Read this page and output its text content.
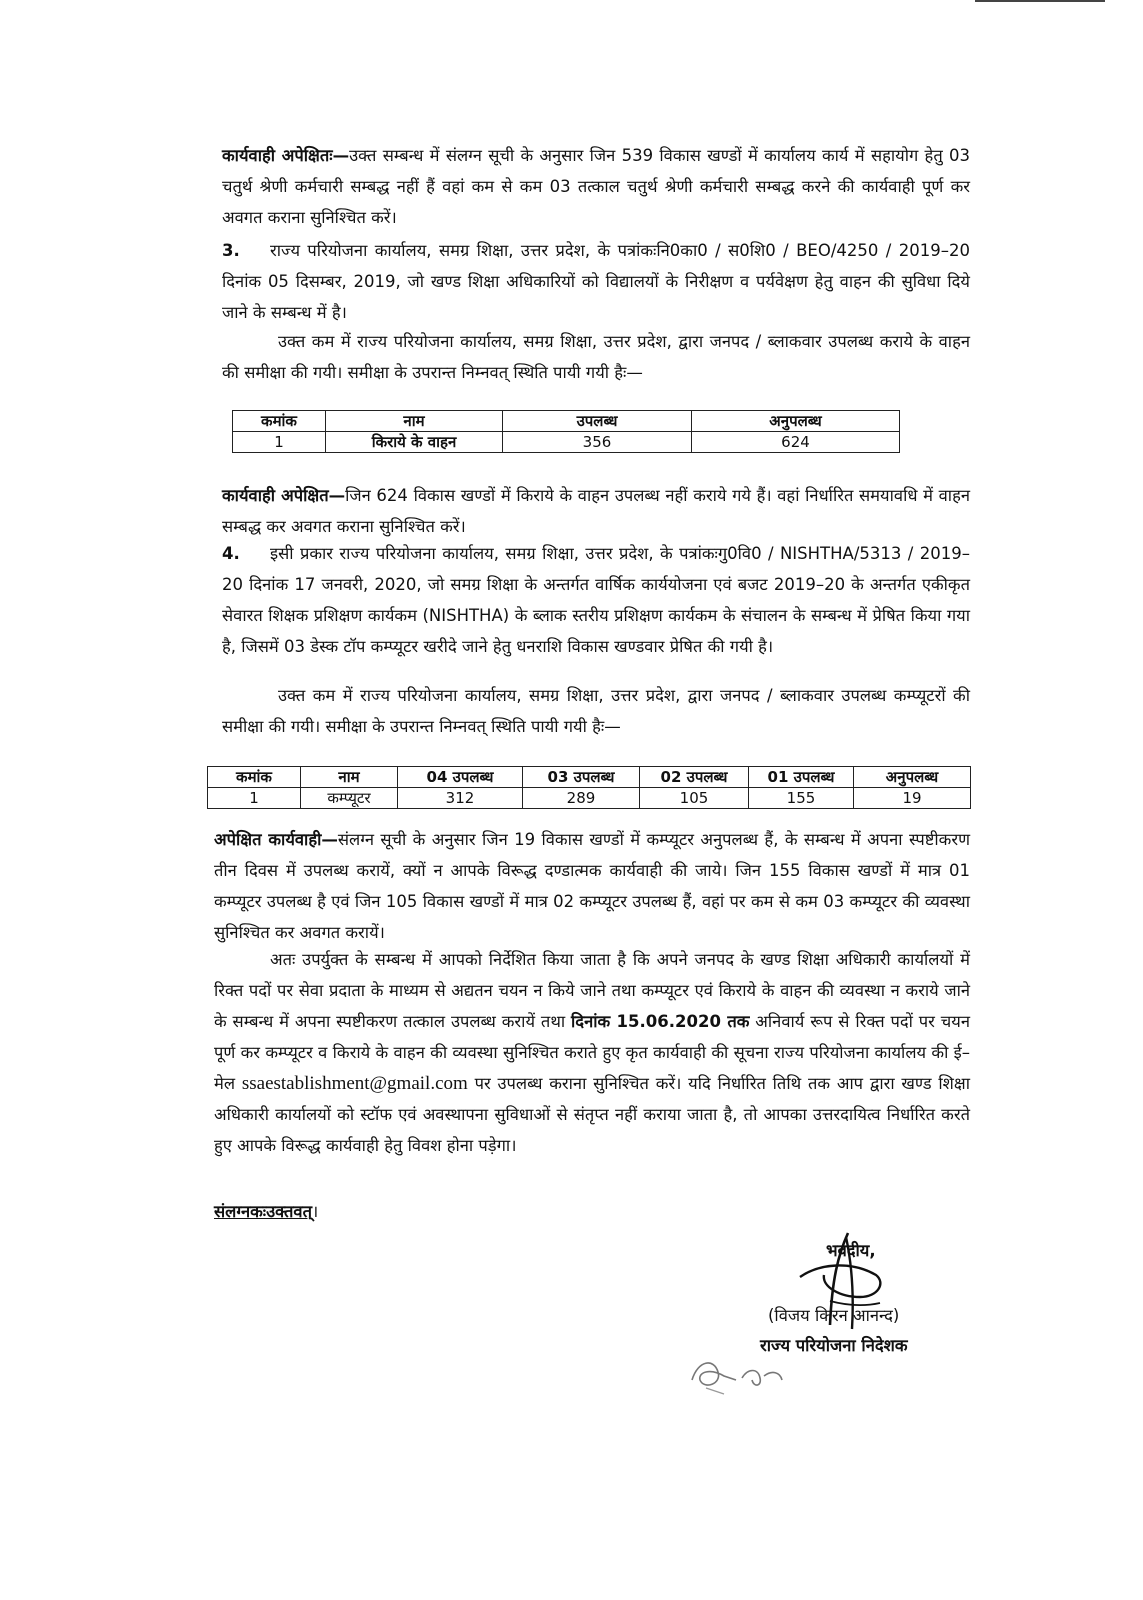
कार्यवाही अपेक्षितः—उक्त सम्बन्ध में संलग्न सूची के अनुसार जिन 539 विकास खण्डों में कार्यालय कार्य में सहायोग हेतु 03 चतुर्थ श्रेणी कर्मचारी सम्बद्ध नहीं हैं वहां कम से कम 03 तत्काल चतुर्थ श्रेणी कर्मचारी सम्बद्ध करने की कार्यवाही पूर्ण कर अवगत कराना सुनिश्चित करें।

3. राज्य परियोजना कार्यालय, समग्र शिक्षा, उत्तर प्रदेश, के पत्रांकःनि0का0 / स0शि0 / BEO/4250 / 2019–20 दिनांक 05 दिसम्बर, 2019, जो खण्ड शिक्षा अधिकारियों को विद्यालयों के निरीक्षण व पर्यवेक्षण हेतु वाहन की सुविधा दिये जाने के सम्बन्ध में है।

उक्त कम में राज्य परियोजना कार्यालय, समग्र शिक्षा, उत्तर प्रदेश, द्वारा जनपद / ब्लाकवार उपलब्ध कराये के वाहन की समीक्षा की गयी। समीक्षा के उपरान्त निम्नवत् स्थिति पायी गयी हैः—

कमांक	नाम	उपलब्ध	अनुपलब्ध
1	किराये के वाहन	356	624

कार्यवाही अपेक्षित—जिन 624 विकास खण्डों में किराये के वाहन उपलब्ध नहीं कराये गये हैं। वहां निर्धारित समयावधि में वाहन सम्बद्ध कर अवगत कराना सुनिश्चित करें।

4. इसी प्रकार राज्य परियोजना कार्यालय, समग्र शिक्षा, उत्तर प्रदेश, के पत्रांकःगु0वि0 / NISHTHA/5313 / 2019–20 दिनांक 17 जनवरी, 2020, जो समग्र शिक्षा के अन्तर्गत वार्षिक कार्ययोजना एवं बजट 2019–20 के अन्तर्गत एकीकृत सेवारत शिक्षक प्रशिक्षण कार्यकम (NISHTHA) के ब्लाक स्तरीय प्रशिक्षण कार्यकम के संचालन के सम्बन्ध में प्रेषित किया गया है, जिसमें 03 डेस्क टॉप कम्प्यूटर खरीदे जाने हेतु धनराशि विकास खण्डवार प्रेषित की गयी है।

उक्त कम में राज्य परियोजना कार्यालय, समग्र शिक्षा, उत्तर प्रदेश, द्वारा जनपद / ब्लाकवार उपलब्ध कम्प्यूटरों की समीक्षा की गयी। समीक्षा के उपरान्त निम्नवत् स्थिति पायी गयी हैः—

कमांक	नाम	04 उपलब्ध	03 उपलब्ध	02 उपलब्ध	01 उपलब्ध	अनुपलब्ध
1	कम्प्यूटर	312	289	105	155	19

अपेक्षित कार्यवाही—संलग्न सूची के अनुसार जिन 19 विकास खण्डों में कम्प्यूटर अनुपलब्ध हैं, के सम्बन्ध में अपना स्पष्टीकरण तीन दिवस में उपलब्ध करायें, क्यों न आपके विरूद्ध दण्डात्मक कार्यवाही की जाये। जिन 155 विकास खण्डों में मात्र 01 कम्प्यूटर उपलब्ध है एवं जिन 105 विकास खण्डों में मात्र 02 कम्प्यूटर उपलब्ध हैं, वहां पर कम से कम 03 कम्प्यूटर की व्यवस्था सुनिश्चित कर अवगत करायें।

अतः उपर्युक्त के सम्बन्ध में आपको निर्देशित किया जाता है कि अपने जनपद के खण्ड शिक्षा अधिकारी कार्यालयों में रिक्त पदों पर सेवा प्रदाता के माध्यम से अद्यतन चयन न किये जाने तथा कम्प्यूटर एवं किराये के वाहन की व्यवस्था न कराये जाने के सम्बन्ध में अपना स्पष्टीकरण तत्काल उपलब्ध करायें तथा दिनांक 15.06.2020 तक अनिवार्य रूप से रिक्त पदों पर चयन पूर्ण कर कम्प्यूटर व किराये के वाहन की व्यवस्था सुनिश्चित कराते हुए कृत कार्यवाही की सूचना राज्य परियोजना कार्यालय की ई–मेल ssaestablishment@gmail.com पर उपलब्ध कराना सुनिश्चित करें। यदि निर्धारित तिथि तक आप द्वारा खण्ड शिक्षा अधिकारी कार्यालयों को स्टॉफ एवं अवस्थापना सुविधाओं से संतृप्त नहीं कराया जाता है, तो आपका उत्तरदायित्व निर्धारित करते हुए आपके विरूद्ध कार्यवाही हेतु विवश होना पड़ेगा।

संलग्नकःउक्तवत्।
भवदीय,
(विजय किरन आनन्द)
राज्य परियोजना निदेशक
